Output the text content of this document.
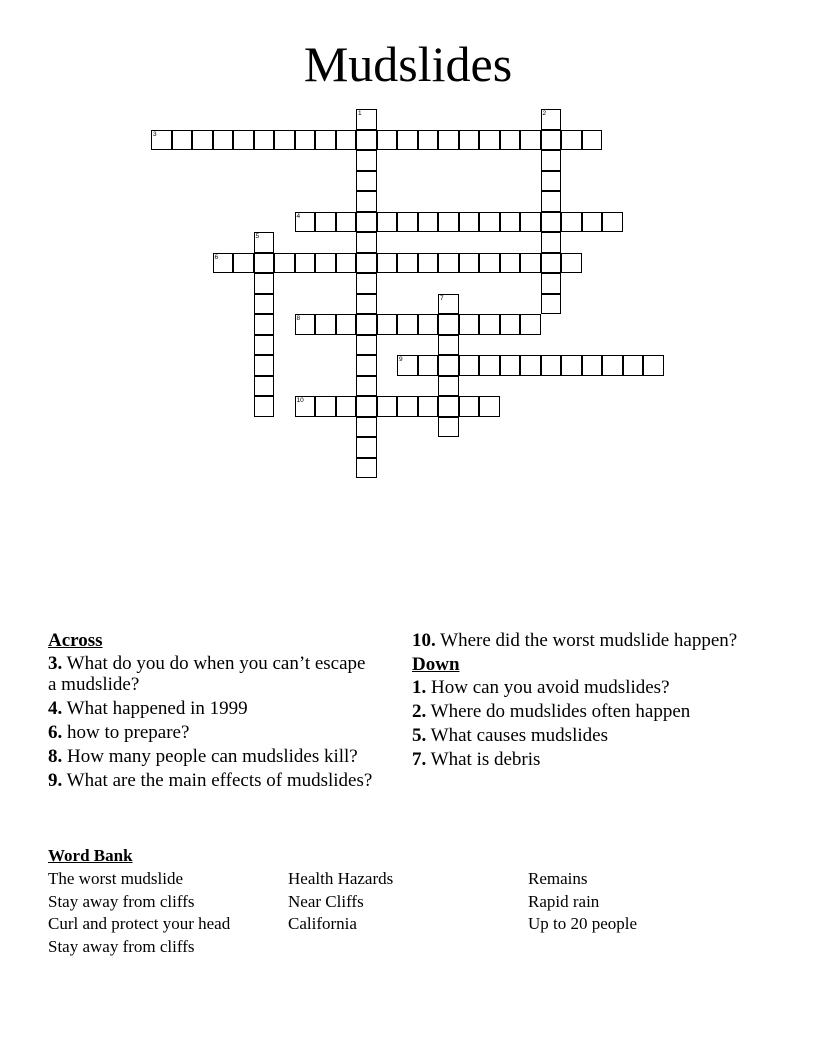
Mudslides
1	2
3
4
5
6
7
8
9
10
Across
3. What do you do when you can’t escape a mudslide?
4. What happened in 1999
6. how to prepare?
8. How many people can mudslides kill?
9. What are the main effects of mudslides?
10. Where did the worst mudslide happen?
Down
1. How can you avoid mudslides?
2. Where do mudslides often happen
5. What causes mudslides
7. What is debris
Word Bank
The worst mudslide
Stay away from cliffs
Curl and protect your head
Stay away from cliffs
Health Hazards
Near Cliffs
California
Remains
Rapid rain
Up to 20 people
